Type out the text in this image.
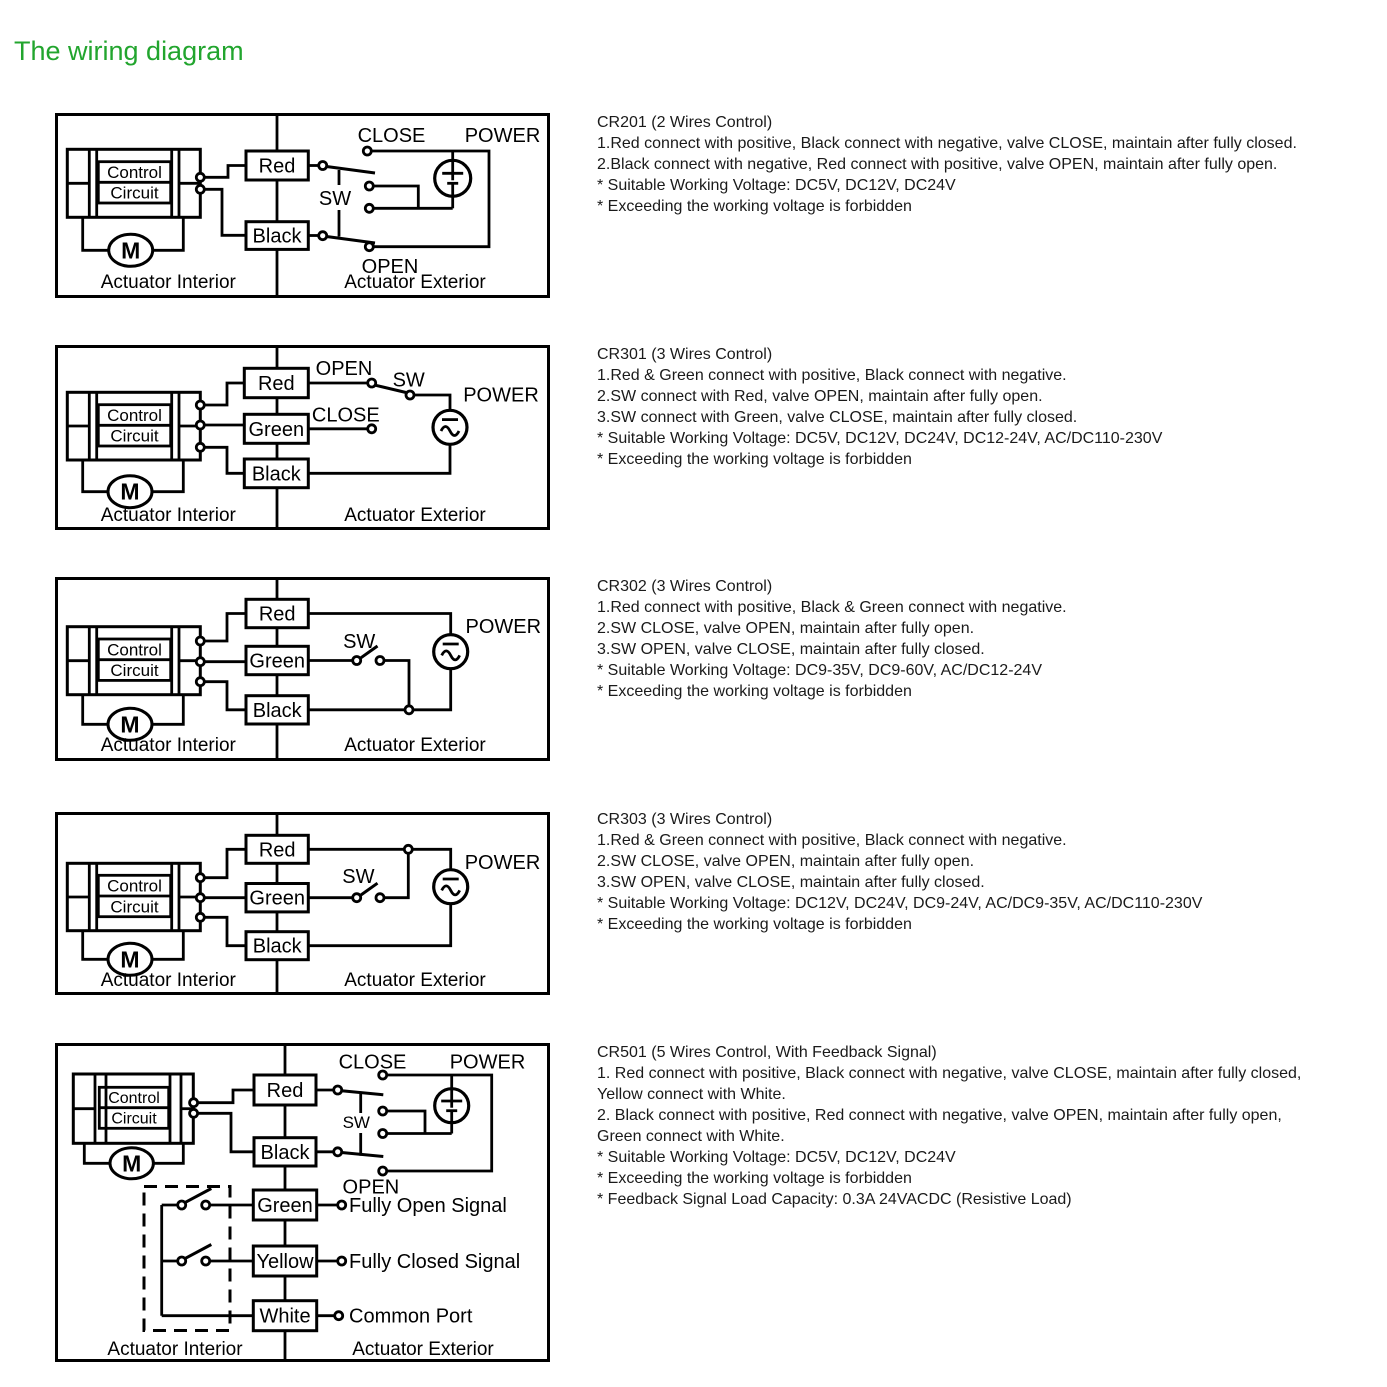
The wiring diagram
Control
Circuit
M
Red
Black
CLOSE POWER
SW
OPEN
Actuator Interior	Actuator Exterior
Control
Circuit
M
Red
Green
Black
OPEN
SW
CLOSE
POWER
Actuator Interior	Actuator Exterior
Control
Circuit
M
Red
Green
Black
SW
POWER
Actuator Interior	Actuator Exterior
Control
Circuit
M
Red
Green
Black
SW
POWER
Actuator Interior	Actuator Exterior
Control
Circuit
M
Red
Black
Green
Yellow
White
CLOSE POWER
SW
OPEN
Fully Open Signal
Fully Closed Signal
Common Port
Actuator Interior	Actuator Exterior
CR201 (2 Wires Control)
1.Red connect with positive, Black connect with negative, valve CLOSE, maintain after fully closed.
2.Black connect with negative, Red connect with positive, valve OPEN, maintain after fully open.
* Suitable Working Voltage: DC5V, DC12V, DC24V
* Exceeding the working voltage is forbidden
CR301 (3 Wires Control)
1.Red & Green connect with positive, Black connect with negative.
2.SW connect with Red, valve OPEN, maintain after fully open.
3.SW connect with Green, valve CLOSE, maintain after fully closed.
* Suitable Working Voltage: DC5V, DC12V, DC24V, DC12-24V, AC/DC110-230V
* Exceeding the working voltage is forbidden
CR302 (3 Wires Control)
1.Red connect with positive, Black & Green connect with negative.
2.SW CLOSE, valve OPEN, maintain after fully open.
3.SW OPEN, valve CLOSE, maintain after fully closed.
* Suitable Working Voltage: DC9-35V, DC9-60V, AC/DC12-24V
* Exceeding the working voltage is forbidden
CR303 (3 Wires Control)
1.Red & Green connect with positive, Black connect with negative.
2.SW CLOSE, valve OPEN, maintain after fully open.
3.SW OPEN, valve CLOSE, maintain after fully closed.
* Suitable Working Voltage: DC12V, DC24V, DC9-24V, AC/DC9-35V, AC/DC110-230V
* Exceeding the working voltage is forbidden
CR501 (5 Wires Control, With Feedback Signal)
1. Red connect with positive, Black connect with negative, valve CLOSE, maintain after fully closed,
Yellow connect with White.
2. Black connect with positive, Red connect with negative, valve OPEN, maintain after fully open,
Green connect with White.
* Suitable Working Voltage: DC5V, DC12V, DC24V
* Exceeding the working voltage is forbidden
* Feedback Signal Load Capacity: 0.3A 24VACDC (Resistive Load)
